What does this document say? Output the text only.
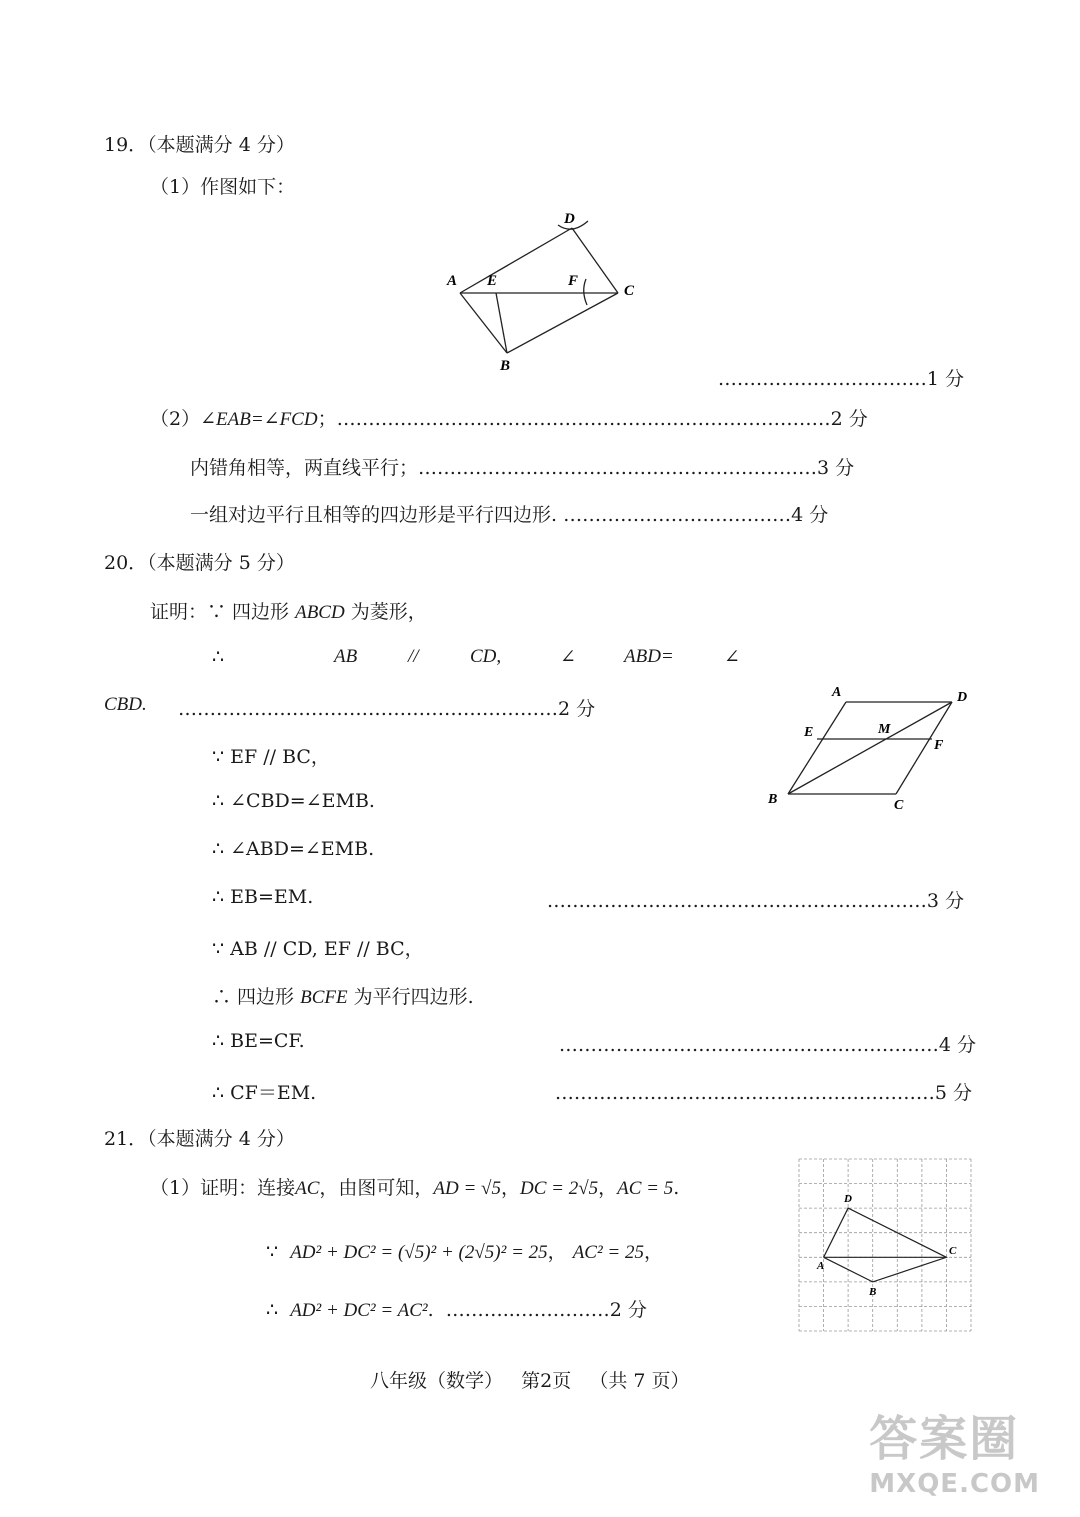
19．（本题满分 4 分）
（1）作图如下：
D
A E	F
C
B
……………………………1 分
（2）∠EAB=∠FCD；……………………………………………………………………2 分
内错角相等，两直线平行；………………………………………………………3 分
一组对边平行且相等的四边形是平行四边形. ………………………………4 分
20．（本题满分 5 分）
证明：∵ 四边形 ABCD 为菱形，
∴	AB	//	CD,	∠	ABD=	∠
CBD. ……………………………………………………2 分
A	D
E	M
F
B	C
∵ EF // BC，
∴ ∠CBD=∠EMB.
∴ ∠ABD=∠EMB.
∴ EB=EM.	……………………………………………………3 分
∵ AB // CD, EF // BC，
∴ 四边形 BCFE 为平行四边形.
∴ BE=CF.	……………………………………………………4 分
∴ CF＝EM.	……………………………………………………5 分
21．（本题满分 4 分）
（1）证明：连接AC，由图可知，AD = √5，DC = 2√5，AC = 5.
∵ AD² + DC² = (√5)² + (2√5)² = 25， AC² = 25，
∴ AD² + DC² = AC².  ………..……………2 分
D
A
C
B
八年级（数学） 第2页 （共 7 页）
答案圈
MXQE.COM
